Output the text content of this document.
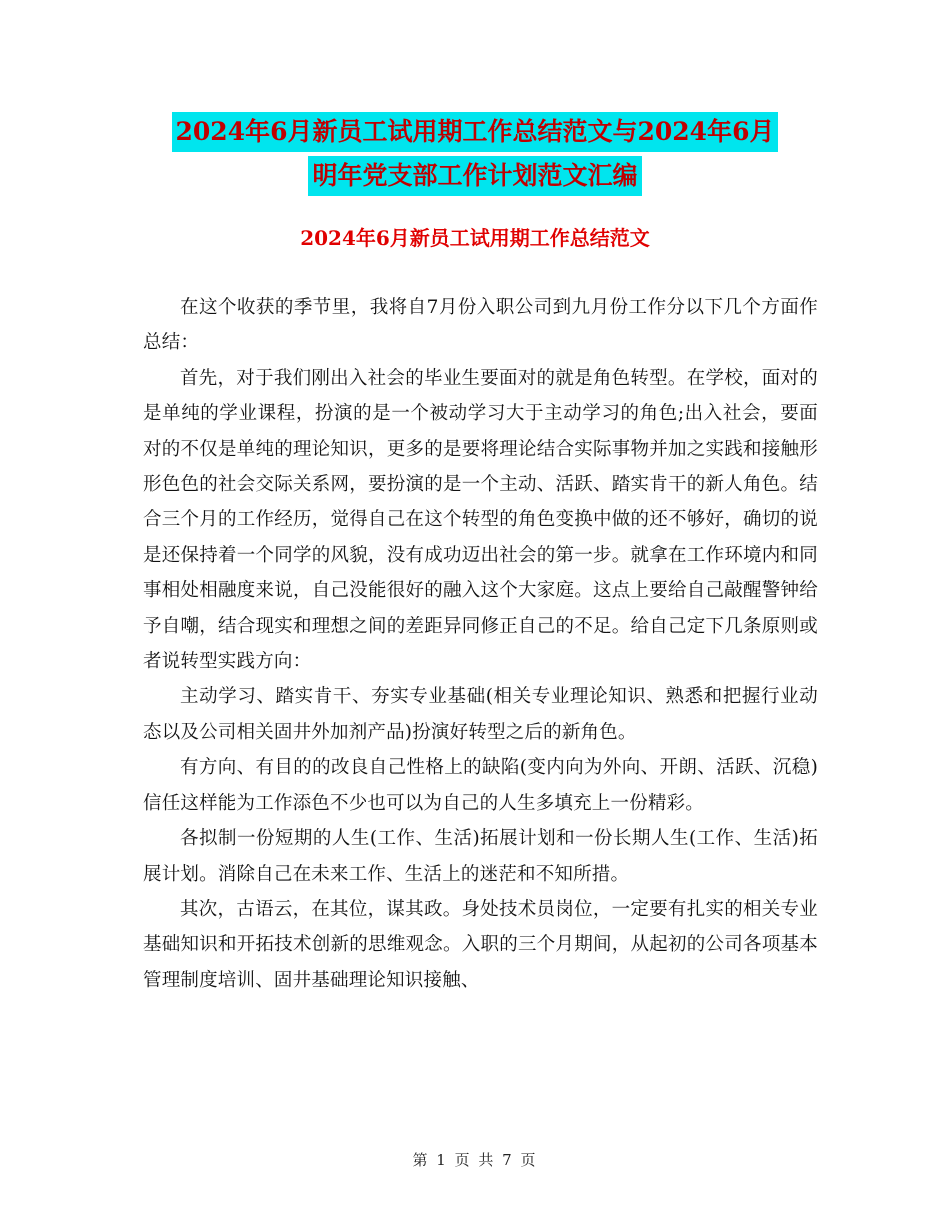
2024年6月新员工试用期工作总结范文与2024年6月
明年党支部工作计划范文汇编
2024年6月新员工试用期工作总结范文

在这个收获的季节里，我将自7月份入职公司到九月份工作分以下几个方面作总结：

首先，对于我们刚出入社会的毕业生要面对的就是角色转型。在学校，面对的是单纯的学业课程，扮演的是一个被动学习大于主动学习的角色;出入社会，要面对的不仅是单纯的理论知识，更多的是要将理论结合实际事物并加之实践和接触形形色色的社会交际关系网，要扮演的是一个主动、活跃、踏实肯干的新人角色。结合三个月的工作经历，觉得自己在这个转型的角色变换中做的还不够好，确切的说是还保持着一个同学的风貌，没有成功迈出社会的第一步。就拿在工作环境内和同事相处相融度来说，自己没能很好的融入这个大家庭。这点上要给自己敲醒警钟给予自嘲，结合现实和理想之间的差距异同修正自己的不足。给自己定下几条原则或者说转型实践方向：

主动学习、踏实肯干、夯实专业基础(相关专业理论知识、熟悉和把握行业动态以及公司相关固井外加剂产品)扮演好转型之后的新角色。

有方向、有目的的改良自己性格上的缺陷(变内向为外向、开朗、活跃、沉稳)信任这样能为工作添色不少也可以为自己的人生多填充上一份精彩。

各拟制一份短期的人生(工作、生活)拓展计划和一份长期人生(工作、生活)拓展计划。消除自己在未来工作、生活上的迷茫和不知所措。

其次，古语云，在其位，谋其政。身处技术员岗位，一定要有扎实的相关专业基础知识和开拓技术创新的思维观念。入职的三个月期间，从起初的公司各项基本管理制度培训、固井基础理论知识接触、

第 1 页 共 7 页
